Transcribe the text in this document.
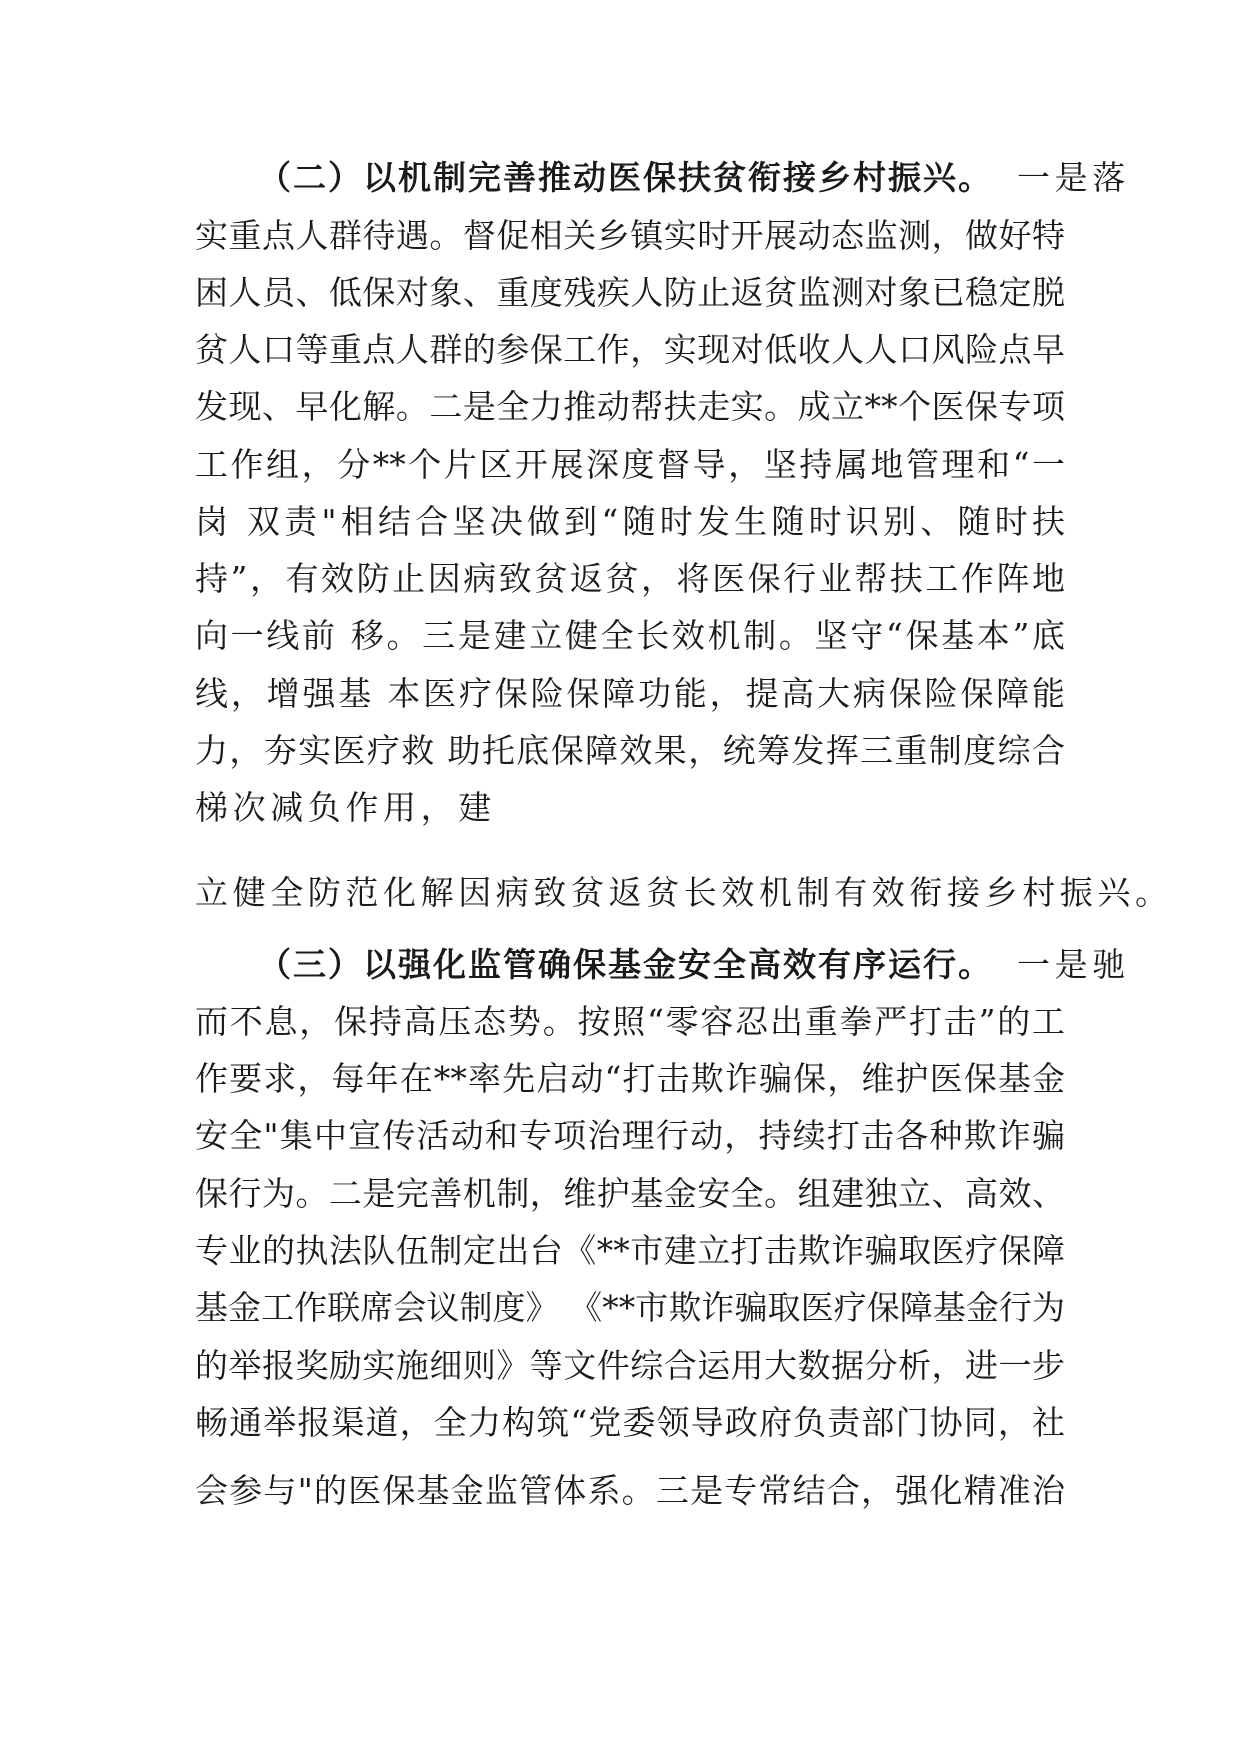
（二）以机制完善推动医保扶贫衔接乡村振兴。 一是落
实重点人群待遇。督促相关乡镇实时开展动态监测，做好特
困人员、低保对象、重度残疾人防止返贫监测对象已稳定脱
贫人口等重点人群的参保工作，实现对低收人人口风险点早
发现、早化解。二是全力推动帮扶走实。成立**个医保专项
工作组，分**个片区开展深度督导，坚持属地管理和“一
岗 双责"相结合坚决做到“随时发生随时识别、随时扶
持”，有效防止因病致贫返贫，将医保行业帮扶工作阵地
向一线前 移。三是建立健全长效机制。坚守“保基本”底
线，增强基 本医疗保险保障功能，提高大病保险保障能
力，夯实医疗救 助托底保障效果，统筹发挥三重制度综合
梯次减负作用，建
立健全防范化解因病致贫返贫长效机制有效衔接乡村振兴。
（三）以强化监管确保基金安全高效有序运行。 一是驰
而不息，保持高压态势。按照“零容忍出重拳严打击”的工
作要求，每年在**率先启动“打击欺诈骗保，维护医保基金
安全"集中宣传活动和专项治理行动，持续打击各种欺诈骗
保行为。二是完善机制，维护基金安全。组建独立、高效、
专业的执法队伍制定出台《**市建立打击欺诈骗取医疗保障
基金工作联席会议制度》 《**市欺诈骗取医疗保障基金行为
的举报奖励实施细则》等文件综合运用大数据分析，进一步
畅通举报渠道，全力构筑“党委领导政府负责部门协同，社
会参与"的医保基金监管体系。三是专常结合，强化精准治
